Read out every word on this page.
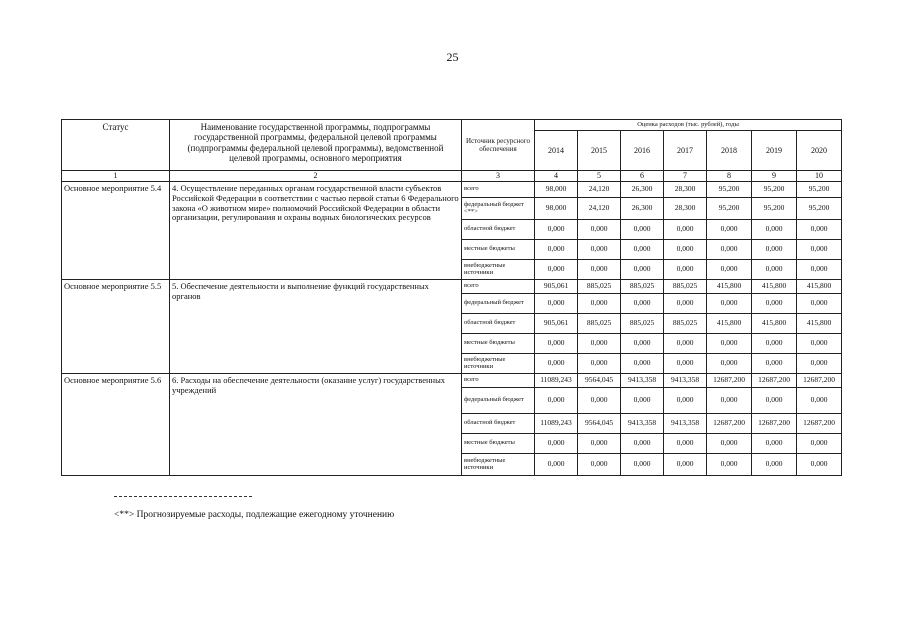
25
Статус	Наименование государственной программы, подпрограммы государственной программы, федеральной целевой программы (подпрограммы федеральной целевой программы), ведомственной целевой программы, основного мероприятия	Источник ресурсного обеспечения	Оценка расходов (тыс. рублей), годы						
			2014	2015	2016	2017	2018	2019	2020
1	2	3	4	5	6	7	8	9	10
Основное мероприятие 5.4	4. Осуществление переданных органам государственной власти субъектов Российской Федерации в соответствии с частью первой статьи 6 Федерального закона «О животном мире» полномочий Российской Федерации в области организации, регулирования и охраны водных биологических ресурсов	всего	98,000	24,120	26,300	28,300	95,200	95,200	95,200
		федеральный бюджет <**>	98,000	24,120	26,300	28,300	95,200	95,200	95,200
		областной бюджет	0,000	0,000	0,000	0,000	0,000	0,000	0,000
		местные бюджеты	0,000	0,000	0,000	0,000	0,000	0,000	0,000
		внебюджетные источники	0,000	0,000	0,000	0,000	0,000	0,000	0,000
Основное мероприятие 5.5	5. Обеспечение деятельности и выполнение функций государственных органов	всего	905,061	885,025	885,025	885,025	415,800	415,800	415,800
		федеральный бюджет	0,000	0,000	0,000	0,000	0,000	0,000	0,000
		областной бюджет	905,061	885,025	885,025	885,025	415,800	415,800	415,800
		местные бюджеты	0,000	0,000	0,000	0,000	0,000	0,000	0,000
		внебюджетные источники	0,000	0,000	0,000	0,000	0,000	0,000	0,000
Основное мероприятие 5.6	6. Расходы на обеспечение деятельности (оказание услуг) государственных учреждений	всего	11089,243	9564,045	9413,358	9413,358	12687,200	12687,200	12687,200
		федеральный бюджет	0,000	0,000	0,000	0,000	0,000	0,000	0,000
		областной бюджет	11089,243	9564,045	9413,358	9413,358	12687,200	12687,200	12687,200
		местные бюджеты	0,000	0,000	0,000	0,000	0,000	0,000	0,000
		внебюджетные источники	0,000	0,000	0,000	0,000	0,000	0,000	0,000
<**> Прогнозируемые расходы, подлежащие ежегодному уточнению
